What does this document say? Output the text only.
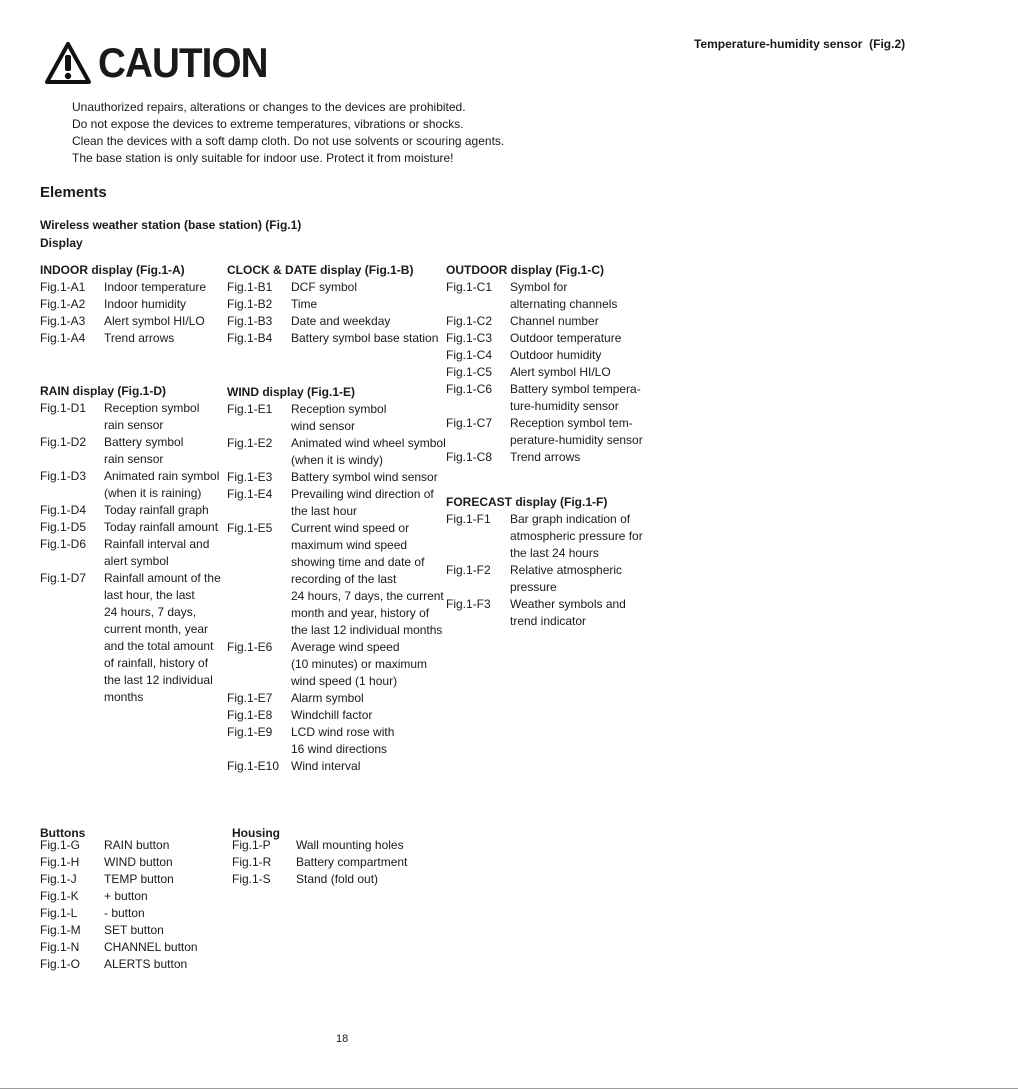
CAUTION	Temperature-humidity sensor  (Fig.2)
Unauthorized repairs, alterations or changes to the devices are prohibited.
Do not expose the devices to extreme temperatures, vibrations or shocks.
Clean the devices with a soft damp cloth. Do not use solvents or scouring agents.
The base station is only suitable for indoor use. Protect it from moisture!
Elements
Wireless weather station (base station) (Fig.1)
Display
INDOOR display (Fig.1-A)
Fig.1-A1	Indoor temperature
Fig.1-A2	Indoor humidity
Fig.1-A3	Alert symbol HI/LO
Fig.1-A4	Trend arrows
CLOCK & DATE display (Fig.1-B)
Fig.1-B1	DCF symbol
Fig.1-B2	Time
Fig.1-B3	Date and weekday
Fig.1-B4	Battery symbol base station
OUTDOOR display (Fig.1-C)
Fig.1-C1	Symbol for
alternating channels
Fig.1-C2	Channel number
Fig.1-C3	Outdoor temperature
Fig.1-C4	Outdoor humidity
Fig.1-C5	Alert symbol HI/LO
Fig.1-C6	Battery symbol tempera-
ture-humidity sensor
Fig.1-C7	Reception symbol tem-
perature-humidity sensor
Fig.1-C8	Trend arrows
RAIN display (Fig.1-D)
Fig.1-D1	Reception symbol
rain sensor
Fig.1-D2	Battery symbol
rain sensor
Fig.1-D3	Animated rain symbol
(when it is raining)
Fig.1-D4	Today rainfall graph
Fig.1-D5	Today rainfall amount
Fig.1-D6	Rainfall interval and
alert symbol
Fig.1-D7	Rainfall amount of the
last hour, the last
24 hours, 7 days,
current month, year
and the total amount
of rainfall, history of
the last 12 individual
months
WIND display (Fig.1-E)
Fig.1-E1	Reception symbol
wind sensor
Fig.1-E2	Animated wind wheel symbol
(when it is windy)
Fig.1-E3	Battery symbol wind sensor
Fig.1-E4	Prevailing wind direction of
the last hour
Fig.1-E5	Current wind speed or
maximum wind speed
showing time and date of
recording of the last
24 hours, 7 days, the current
month and year, history of
the last 12 individual months
Fig.1-E6	Average wind speed
(10 minutes) or maximum
wind speed (1 hour)
Fig.1-E7	Alarm symbol
Fig.1-E8	Windchill factor
Fig.1-E9	LCD wind rose with
16 wind directions
Fig.1-E10 Wind interval
FORECAST display (Fig.1-F)
Fig.1-F1	Bar graph indication of
atmospheric pressure for
the last 24 hours
Fig.1-F2	Relative atmospheric
pressure
Fig.1-F3	Weather symbols and
trend indicator
Buttons
Fig.1-G	RAIN button
Fig.1-H	WIND button
Fig.1-J	TEMP button
Fig.1-K	+ button
Fig.1-L	- button
Fig.1-M	SET button
Fig.1-N	CHANNEL button
Fig.1-O	ALERTS button
Housing
Fig.1-P	Wall mounting holes
Fig.1-R	Battery compartment
Fig.1-S	Stand (fold out)
18
